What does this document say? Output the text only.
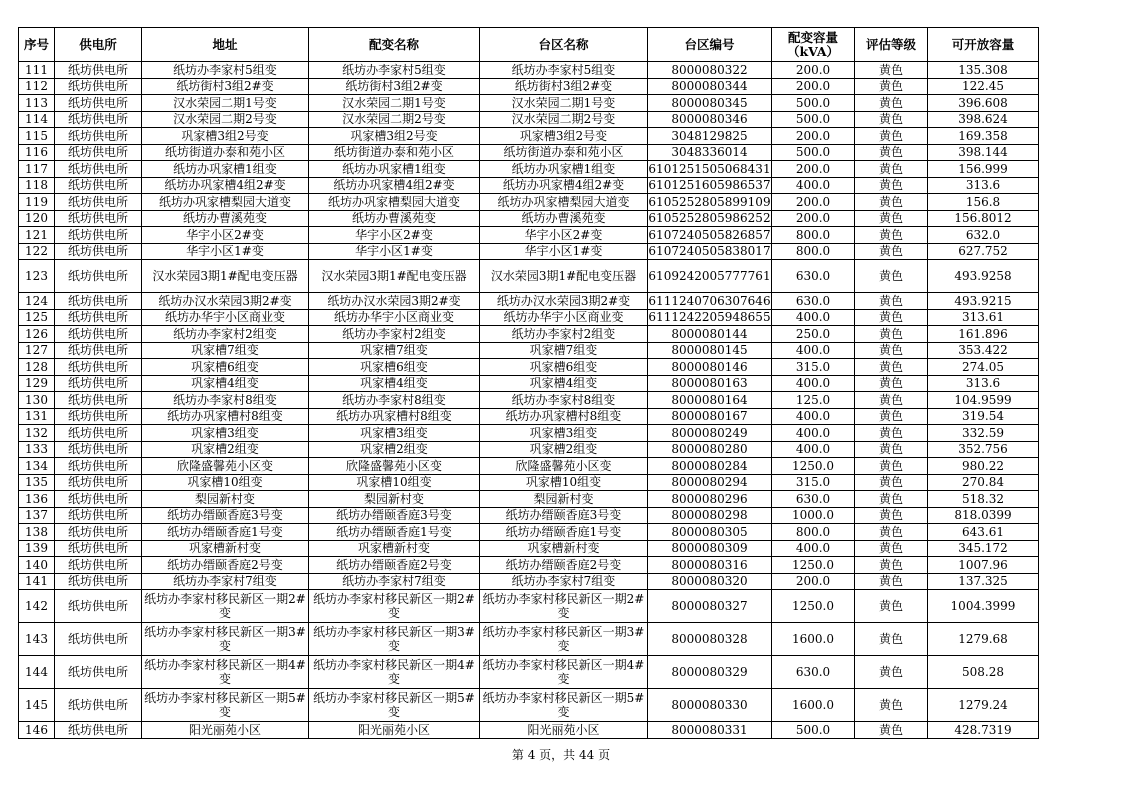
序号	供电所	地址	配变名称	台区名称	台区编号	配变容量（kVA）	评估等级	可开放容量
111	纸坊供电所	纸坊办李家村5组变	纸坊办李家村5组变	纸坊办李家村5组变	8000080322	200.0	黄色	135.308
112	纸坊供电所	纸坊街村3组2#变	纸坊街村3组2#变	纸坊街村3组2#变	8000080344	200.0	黄色	122.45
113	纸坊供电所	汉水荣园二期1号变	汉水荣园二期1号变	汉水荣园二期1号变	8000080345	500.0	黄色	396.608
114	纸坊供电所	汉水荣园二期2号变	汉水荣园二期2号变	汉水荣园二期2号变	8000080346	500.0	黄色	398.624
115	纸坊供电所	巩家槽3组2号变	巩家槽3组2号变	巩家槽3组2号变	3048129825	200.0	黄色	169.358
116	纸坊供电所	纸坊街道办泰和苑小区	纸坊街道办泰和苑小区	纸坊街道办泰和苑小区	3048336014	500.0	黄色	398.144
117	纸坊供电所	纸坊办巩家槽1组变	纸坊办巩家槽1组变	纸坊办巩家槽1组变	6101251505068431	200.0	黄色	156.999
118	纸坊供电所	纸坊办巩家槽4组2#变	纸坊办巩家槽4组2#变	纸坊办巩家槽4组2#变	6101251605986537	400.0	黄色	313.6
119	纸坊供电所	纸坊办巩家槽梨园大道变	纸坊办巩家槽梨园大道变	纸坊办巩家槽梨园大道变	6105252805899109	200.0	黄色	156.8
120	纸坊供电所	纸坊办曹溪苑变	纸坊办曹溪苑变	纸坊办曹溪苑变	6105252805986252	200.0	黄色	156.8012
121	纸坊供电所	华宇小区2#变	华宇小区2#变	华宇小区2#变	6107240505826857	800.0	黄色	632.0
122	纸坊供电所	华宇小区1#变	华宇小区1#变	华宇小区1#变	6107240505838017	800.0	黄色	627.752
123	纸坊供电所	汉水荣园3期1#配电变压器	汉水荣园3期1#配电变压器	汉水荣园3期1#配电变压器	6109242005777761	630.0	黄色	493.9258
124	纸坊供电所	纸坊办汉水荣园3期2#变	纸坊办汉水荣园3期2#变	纸坊办汉水荣园3期2#变	6111240706307646	630.0	黄色	493.9215
125	纸坊供电所	纸坊办华宇小区商业变	纸坊办华宇小区商业变	纸坊办华宇小区商业变	6111242205948655	400.0	黄色	313.61
126	纸坊供电所	纸坊办李家村2组变	纸坊办李家村2组变	纸坊办李家村2组变	8000080144	250.0	黄色	161.896
127	纸坊供电所	巩家槽7组变	巩家槽7组变	巩家槽7组变	8000080145	400.0	黄色	353.422
128	纸坊供电所	巩家槽6组变	巩家槽6组变	巩家槽6组变	8000080146	315.0	黄色	274.05
129	纸坊供电所	巩家槽4组变	巩家槽4组变	巩家槽4组变	8000080163	400.0	黄色	313.6
130	纸坊供电所	纸坊办李家村8组变	纸坊办李家村8组变	纸坊办李家村8组变	8000080164	125.0	黄色	104.9599
131	纸坊供电所	纸坊办巩家槽村8组变	纸坊办巩家槽村8组变	纸坊办巩家槽村8组变	8000080167	400.0	黄色	319.54
132	纸坊供电所	巩家槽3组变	巩家槽3组变	巩家槽3组变	8000080249	400.0	黄色	332.59
133	纸坊供电所	巩家槽2组变	巩家槽2组变	巩家槽2组变	8000080280	400.0	黄色	352.756
134	纸坊供电所	欣隆盛馨苑小区变	欣隆盛馨苑小区变	欣隆盛馨苑小区变	8000080284	1250.0	黄色	980.22
135	纸坊供电所	巩家槽10组变	巩家槽10组变	巩家槽10组变	8000080294	315.0	黄色	270.84
136	纸坊供电所	梨园新村变	梨园新村变	梨园新村变	8000080296	630.0	黄色	518.32
137	纸坊供电所	纸坊办缙颐香庭3号变	纸坊办缙颐香庭3号变	纸坊办缙颐香庭3号变	8000080298	1000.0	黄色	818.0399
138	纸坊供电所	纸坊办缙颐香庭1号变	纸坊办缙颐香庭1号变	纸坊办缙颐香庭1号变	8000080305	800.0	黄色	643.61
139	纸坊供电所	巩家槽新村变	巩家槽新村变	巩家槽新村变	8000080309	400.0	黄色	345.172
140	纸坊供电所	纸坊办缙颐香庭2号变	纸坊办缙颐香庭2号变	纸坊办缙颐香庭2号变	8000080316	1250.0	黄色	1007.96
141	纸坊供电所	纸坊办李家村7组变	纸坊办李家村7组变	纸坊办李家村7组变	8000080320	200.0	黄色	137.325
142	纸坊供电所	纸坊办李家村移民新区一期2#变	纸坊办李家村移民新区一期2#变	纸坊办李家村移民新区一期2#变	8000080327	1250.0	黄色	1004.3999
143	纸坊供电所	纸坊办李家村移民新区一期3#变	纸坊办李家村移民新区一期3#变	纸坊办李家村移民新区一期3#变	8000080328	1600.0	黄色	1279.68
144	纸坊供电所	纸坊办李家村移民新区一期4#变	纸坊办李家村移民新区一期4#变	纸坊办李家村移民新区一期4#变	8000080329	630.0	黄色	508.28
145	纸坊供电所	纸坊办李家村移民新区一期5#变	纸坊办李家村移民新区一期5#变	纸坊办李家村移民新区一期5#变	8000080330	1600.0	黄色	1279.24
146	纸坊供电所	阳光丽苑小区	阳光丽苑小区	阳光丽苑小区	8000080331	500.0	黄色	428.7319
第 4 页，共 44 页
